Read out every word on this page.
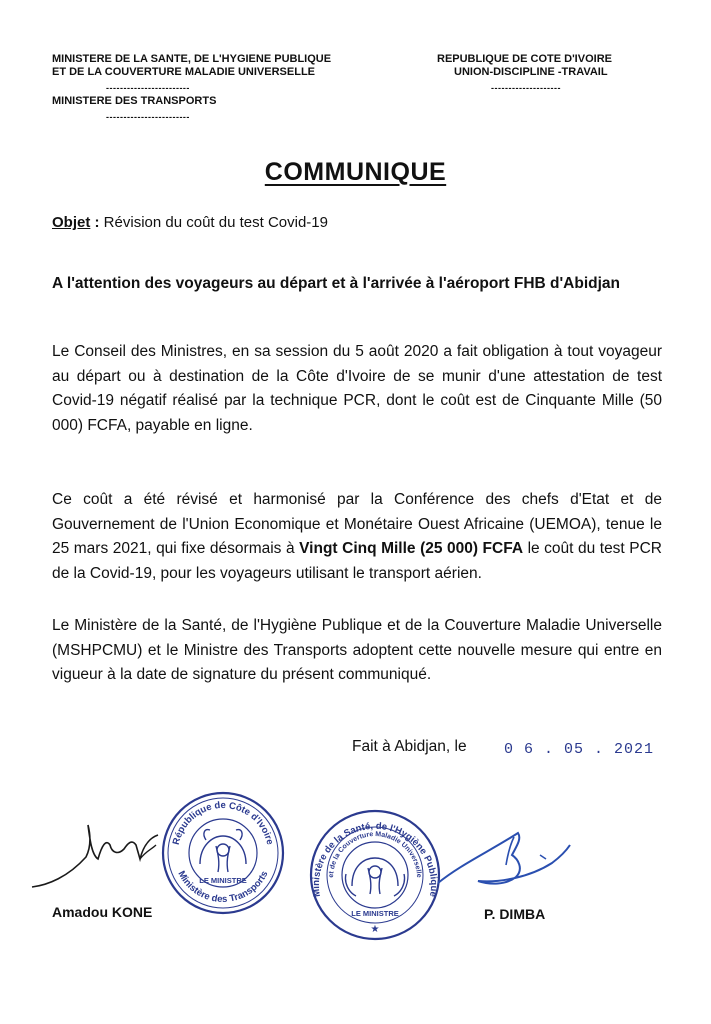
MINISTERE DE LA SANTE, DE L'HYGIENE PUBLIQUE
ET DE LA COUVERTURE MALADIE UNIVERSELLE
------------------------
MINISTERE DES TRANSPORTS
------------------------
REPUBLIQUE DE COTE D'IVOIRE
UNION-DISCIPLINE -TRAVAIL
--------------------
COMMUNIQUE
Objet : Révision du coût du test Covid-19
A l'attention des voyageurs au départ et à l'arrivée à l'aéroport FHB d'Abidjan
Le Conseil des Ministres, en sa session du 5 août 2020 a fait obligation à tout voyageur au départ ou à destination de la Côte d'Ivoire de se munir d'une attestation de test Covid-19 négatif réalisé par la technique PCR, dont le coût est de Cinquante Mille (50 000) FCFA, payable en ligne.
Ce coût a été révisé et harmonisé par la Conférence des chefs d'Etat et de Gouvernement de l'Union Economique et Monétaire Ouest Africaine (UEMOA), tenue le 25 mars 2021, qui fixe désormais à Vingt Cinq Mille (25 000) FCFA le coût du test PCR de la Covid-19, pour les voyageurs utilisant le transport aérien.
Le Ministère de la Santé, de l'Hygiène Publique et de la Couverture Maladie Universelle (MSHPCMU) et le Ministre des Transports adoptent cette nouvelle mesure qui entre en vigueur à la date de signature du présent communiqué.
Fait à Abidjan, le 0 6 . 05 . 2021
République de Côte d'Ivoire
Ministère des Transports
LE MINISTRE
Ministère de la Santé, de l'Hygiène Publique
et de la Couverture Maladie Universelle
LE MINISTRE
★
Amadou KONE	P. DIMBA
